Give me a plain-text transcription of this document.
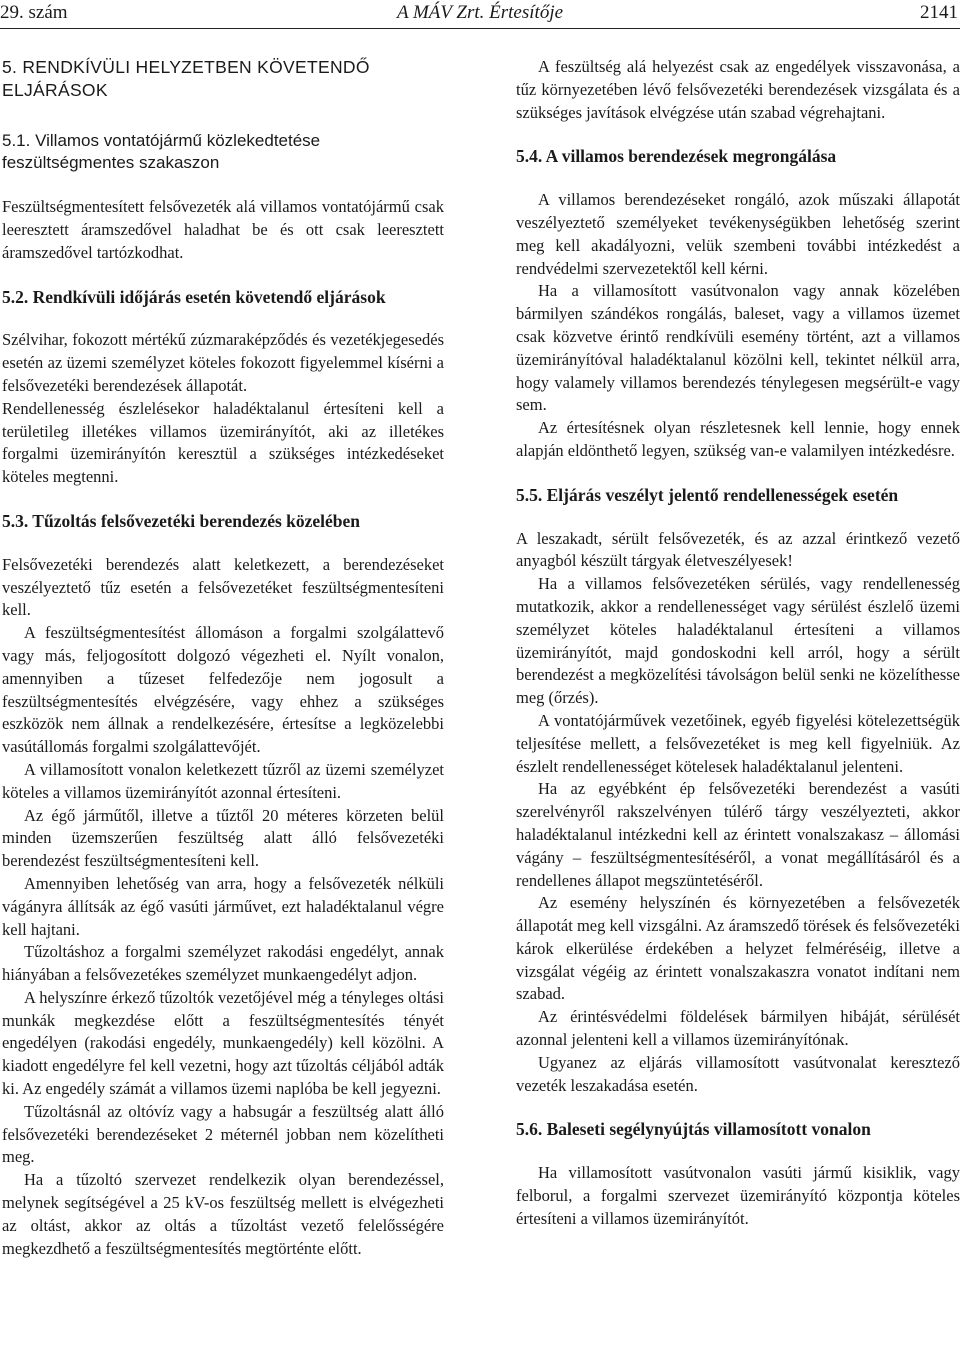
29. szám	A MÁV Zrt. Értesítője	2141
5. RENDKÍVÜLI HELYZETBEN KÖVETENDŐ ELJÁRÁSOK
5.1. Villamos vontatójármű közlekedtetése feszültségmentes szakaszon

Feszültségmentesített felsővezeték alá villamos vontatójármű csak leeresztett áramszedővel haladhat be és ott csak leeresztett áramszedővel tartózkodhat.

5.2. Rendkívüli időjárás esetén követendő eljárások

Szélvihar, fokozott mértékű zúzmaraképződés és vezetékjegesedés esetén az üzemi személyzet köteles fokozott figyelemmel kísérni a felsővezetéki berendezések állapotát.

Rendellenesség észlelésekor haladéktalanul értesíteni kell a területileg illetékes villamos üzemirányítót, aki az illetékes forgalmi üzemirányítón keresztül a szükséges intézkedéseket köteles megtenni.

5.3. Tűzoltás felsővezetéki berendezés közelében

Felsővezetéki berendezés alatt keletkezett, a berendezéseket veszélyeztető tűz esetén a felsővezetéket feszültségmentesíteni kell.

A feszültségmentesítést állomáson a forgalmi szolgálattevő vagy más, feljogosított dolgozó végezheti el. Nyílt vonalon, amennyiben a tűzeset felfedezője nem jogosult a feszültségmentesítés elvégzésére, vagy ehhez a szükséges eszközök nem állnak a rendelkezésére, értesítse a legközelebbi vasútállomás forgalmi szolgálattevőjét.

A villamosított vonalon keletkezett tűzről az üzemi személyzet köteles a villamos üzemirányítót azonnal értesíteni.

Az égő járműtől, illetve a tűztől 20 méteres körzeten belül minden üzemszerűen feszültség alatt álló felsővezetéki berendezést feszültségmentesíteni kell.

Amennyiben lehetőség van arra, hogy a felsővezeték nélküli vágányra állítsák az égő vasúti járművet, ezt haladéktalanul végre kell hajtani.

Tűzoltáshoz a forgalmi személyzet rakodási engedélyt, annak hiányában a felsővezetékes személyzet munkaengedélyt adjon.

A helyszínre érkező tűzoltók vezetőjével még a tényleges oltási munkák megkezdése előtt a feszültségmentesítés tényét engedélyen (rakodási engedély, munkaengedély) kell közölni. A kiadott engedélyre fel kell vezetni, hogy azt tűzoltás céljából adták ki. Az engedély számát a villamos üzemi naplóba be kell jegyezni.

Tűzoltásnál az oltóvíz vagy a habsugár a feszültség alatt álló felsővezetéki berendezéseket 2 méternél jobban nem közelítheti meg.

Ha a tűzoltó szervezet rendelkezik olyan berendezéssel, melynek segítségével a 25 kV-os feszültség mellett is elvégezheti az oltást, akkor az oltás a tűzoltást vezető felelősségére megkezdhető a feszültségmentesítés megtörténte előtt.

A feszültség alá helyezést csak az engedélyek visszavonása, a tűz környezetében lévő felsővezetéki berendezések vizsgálata és a szükséges javítások elvégzése után szabad végrehajtani.

5.4. A villamos berendezések megrongálása

A villamos berendezéseket rongáló, azok műszaki állapotát veszélyeztető személyeket tevékenységükben lehetőség szerint meg kell akadályozni, velük szembeni további intézkedést a rendvédelmi szervezetektől kell kérni.

Ha a villamosított vasútvonalon vagy annak közelében bármilyen szándékos rongálás, baleset, vagy a villamos üzemet csak közvetve érintő rendkívüli esemény történt, azt a villamos üzemirányítóval haladéktalanul közölni kell, tekintet nélkül arra, hogy valamely villamos berendezés ténylegesen megsérült-e vagy sem.

Az értesítésnek olyan részletesnek kell lennie, hogy ennek alapján eldönthető legyen, szükség van-e valamilyen intézkedésre.

5.5. Eljárás veszélyt jelentő rendellenességek esetén

A leszakadt, sérült felsővezeték, és az azzal érintkező vezető anyagból készült tárgyak életveszélyesek!

Ha a villamos felsővezetéken sérülés, vagy rendellenesség mutatkozik, akkor a rendellenességet vagy sérülést észlelő üzemi személyzet köteles haladéktalanul értesíteni a villamos üzemirányítót, majd gondoskodni kell arról, hogy a sérült berendezést a megközelítési távolságon belül senki ne közelíthesse meg (őrzés).

A vontatójárművek vezetőinek, egyéb figyelési kötelezettségük teljesítése mellett, a felsővezetéket is meg kell figyelniük. Az észlelt rendellenességet kötelesek haladéktalanul jelenteni.

Ha az egyébként ép felsővezetéki berendezést a vasúti szerelvényről rakszelvényen túlérő tárgy veszélyezteti, akkor haladéktalanul intézkedni kell az érintett vonalszakasz – állomási vágány – feszültségmentesítéséről, a vonat megállításáról és a rendellenes állapot megszüntetéséről.

Az esemény helyszínén és környezetében a felsővezeték állapotát meg kell vizsgálni. Az áramszedő törések és felsővezetéki károk elkerülése érdekében a helyzet felméréséig, illetve a vizsgálat végéig az érintett vonalszakaszra vonatot indítani nem szabad.

Az érintésvédelmi földelések bármilyen hibáját, sérülését azonnal jelenteni kell a villamos üzemirányítónak.

Ugyanez az eljárás villamosított vasútvonalat keresztező vezeték leszakadása esetén.

5.6. Baleseti segélynyújtás villamosított vonalon

Ha villamosított vasútvonalon vasúti jármű kisiklik, vagy felborul, a forgalmi szervezet üzemirányító központja köteles értesíteni a villamos üzemirányítót.
